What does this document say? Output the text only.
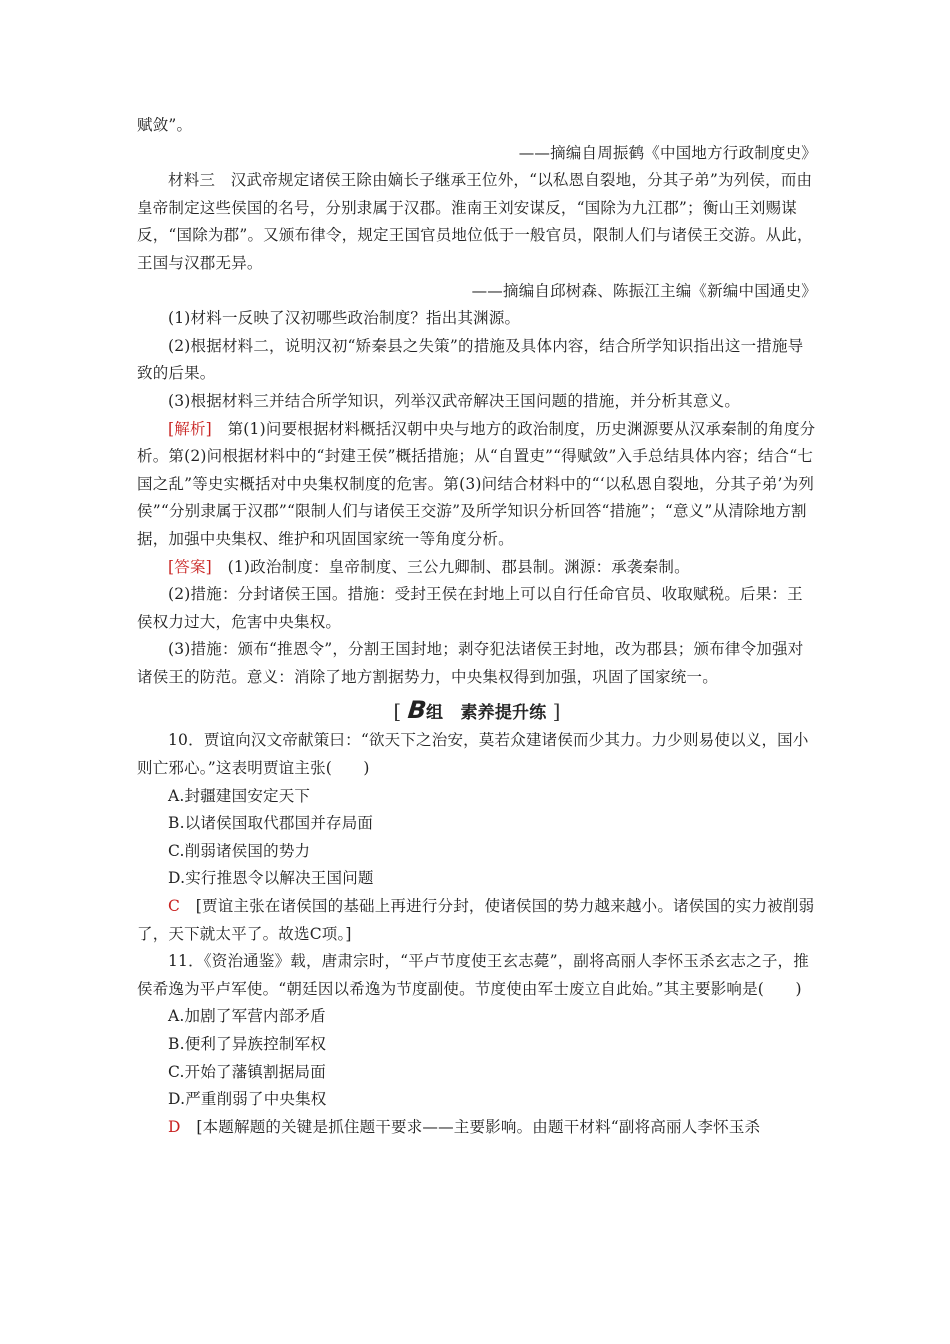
赋敛”。

——摘编自周振鹤《中国地方行政制度史》

材料三　汉武帝规定诸侯王除由嫡长子继承王位外，“以私恩自裂地，分其子弟”为列侯，而由皇帝制定这些侯国的名号，分别隶属于汉郡。淮南王刘安谋反，“国除为九江郡”；衡山王刘赐谋反，“国除为郡”。又颁布律令，规定王国官员地位低于一般官员，限制人们与诸侯王交游。从此，王国与汉郡无异。

——摘编自邱树森、陈振江主编《新编中国通史》

(1)材料一反映了汉初哪些政治制度？指出其渊源。

(2)根据材料二，说明汉初“矫秦县之失策”的措施及具体内容，结合所学知识指出这一措施导致的后果。

(3)根据材料三并结合所学知识，列举汉武帝解决王国问题的措施，并分析其意义。

[解析]　 第(1)问要根据材料概括汉朝中央与地方的政治制度，历史渊源要从汉承秦制的角度分析。第(2)问根据材料中的“封建王侯”概括措施；从“自置吏”“得赋敛”入手总结具体内容；结合“七国之乱”等史实概括对中央集权制度的危害。第(3)问结合材料中的“‘以私恩自裂地，分其子弟’为列侯”“分别隶属于汉郡”“限制人们与诸侯王交游”及所学知识分析回答“措施”；“意义”从清除地方割据，加强中央集权、维护和巩固国家统一等角度分析。

[答案]　 (1)政治制度：皇帝制度、三公九卿制、郡县制。渊源：承袭秦制。

(2)措施：分封诸侯王国。措施：受封王侯在封地上可以自行任命官员、收取赋税。后果：王侯权力过大，危害中央集权。

(3)措施：颁布“推恩令”，分割王国封地；剥夺犯法诸侯王封地，改为郡县；颁布律令加强对诸侯王的防范。意义：消除了地方割据势力，中央集权得到加强，巩固了国家统一。

[ B组　素养提升练 ]

10．贾谊向汉文帝献策曰：“欲天下之治安，莫若众建诸侯而少其力。力少则易使以义，国小则亡邪心。”这表明贾谊主张(　　)

A.封疆建国安定天下

B.以诸侯国取代郡国并存局面

C.削弱诸侯国的势力

D.实行推恩令以解决王国问题

C　 [贾谊主张在诸侯国的基础上再进行分封，使诸侯国的势力越来越小。诸侯国的实力被削弱了，天下就太平了。故选C项。]

11．《资治通鉴》载，唐肃宗时，“平卢节度使王玄志薨”，副将高丽人李怀玉杀玄志之子，推侯希逸为平卢军使。“朝廷因以希逸为节度副使。节度使由军士废立自此始。”其主要影响是(　　)

A.加剧了军营内部矛盾

B.便利了异族控制军权

C.开始了藩镇割据局面

D.严重削弱了中央集权

D　 [本题解题的关键是抓住题干要求——主要影响。由题干材料“副将高丽人李怀玉杀
